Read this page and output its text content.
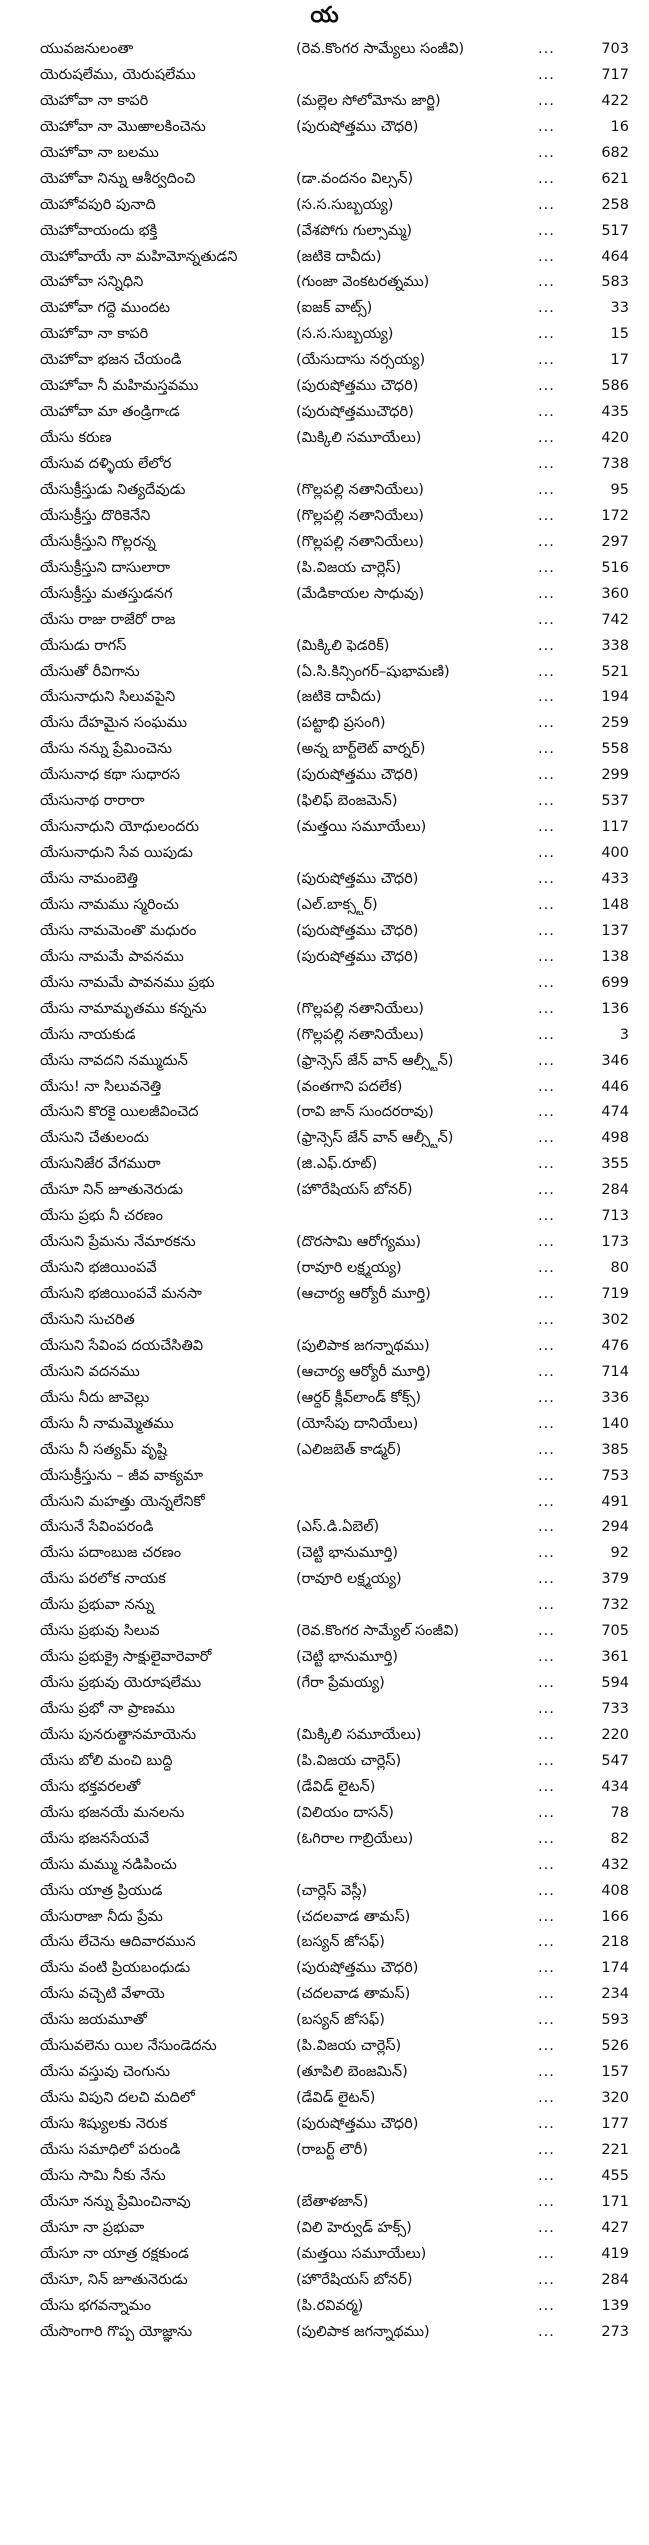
య
యువజనులంతా	(రెవ.కొంగర సామ్యేలు సంజీవి)	...	703
యెరుషలేము, యెరుషలేము	...	717
యెహోవా నా కాపరి	(మల్లెల సోలోమోను జార్జి)	...	422
యెహోవా నా మొఱాలకించెను	(పురుషోత్తము చౌధరి)	...	16
యెహోవా నా బలము	...	682
యెహోవా నిన్ను ఆశీర్వదించి	(డా.వందనం విల్సన్)	...	621
యెహోవపురి పునాది	(స.స.సుబ్బయ్య)	...	258
యెహోవాయందు భక్తి	(వేశపోగు గుల్సామ్మ)	...	517
యెహోవాయే నా మహిమోన్నతుడని	(జటికె దావీదు)	...	464
యెహోవా సన్నిధిని	(గుంజా వెంకటరత్నము)	...	583
యెహోవా గద్దె ముందట	(ఐజక్ వాట్స్)	...	33
యెహోవా నా కాపరి	(స.స.సుబ్బయ్య)	...	15
యెహోవా భజన చేయండి	(యేసుదాసు నర్సయ్య)	...	17
యెహోవా నీ మహిమస్తవము	(పురుషోత్తము చౌధరి)	...	586
యెహోవా మా తండ్రిగాఁడ	(పురుషోత్తముచౌధరి)	...	435
యేసు కరుణ	(మిక్కిలి సమూయేలు)	...	420
యేసువ దళ్ళియ లేలోర	...	738
యేసుక్రీస్తుడు నిత్యదేవుడు	(గొల్లపల్లి నతానియేలు)	...	95
యేసుక్రీస్తు దొరికెనేని	(గొల్లపల్లి నతానియేలు)	...	172
యేసుక్రీస్తుని గొల్లరన్న	(గొల్లపల్లి నతానియేలు)	...	297
యేసుక్రీస్తుని దాసులారా	(పి.విజయ చార్లెస్)	...	516
యేసుక్రీస్తు మతస్తుడనగ	(మేడికాయల సాధువు)	...	360
యేసు రాజు రాజేరో రాజ	...	742
యేసుడు రాగస్	(మిక్కిలి ఫెడరిక్)	...	338
యేసుతో రీవిగాను	(ఏ.సి.కిన్సింగర్–షుభామణి)	...	521
యేసునాధుని సిలువపైని	(జటికె దావీదు)	...	194
యేసు దేహమైన సంఘము	(పట్టాభి ప్రసంగి)	...	259
యేసు నన్ను ప్రేమించెను	(అన్న బార్ట్‌లెట్ వార్నర్)	...	558
యేసునాధ కథా సుధారస	(పురుషోత్తము చౌధరి)	...	299
యేసునాథ రారారా	(ఫిలిఫ్ బెంజమెన్)	...	537
యేసునాధుని యోధులందరు	(మత్తయి సమూయేలు)	...	117
యేసునాధుని సేవ యిపుడు	...	400
యేసు నామంబెత్తి	(పురుషోత్తము చౌధరి)	...	433
యేసు నామము స్మరించు	(ఎల్.బాక్స్టర్)	...	148
యేసు నామమెంతొ మధురం	(పురుషోత్తము చౌధరి)	...	137
యేసు నామమే పావనము	(పురుషోత్తము చౌధరి)	...	138
యేసు నామమే పావనము ప్రభు	...	699
యేసు నామామృతము కన్నను	(గొల్లపల్లి నతానియేలు)	...	136
యేసు నాయకుడ	(గొల్లపల్లి నతానియేలు)	...	3
యేసు నావదని నమ్ముదున్	(ఫ్రాన్సెస్ జేన్ వాన్ ఆల్స్టీన్)	...	346
యేసు! నా సిలువనెత్తి	(వంతగాని పదలేక)	...	446
యేసుని కొరకై యిలజీవించెద	(రావి జాన్ సుందరరావు)	...	474
యేసుని చేతులందు	(ఫ్రాన్సెస్ జేన్ వాన్ ఆల్స్టీన్)	...	498
యేసునిజేర వేగమురా	(జి.ఎఫ్.రూట్)	...	355
యేసూ నిన్ జూతునెరుడు	(హొరేషియస్ బోనర్)	...	284
యేసు ప్రభు నీ చరణం	...	713
యేసుని ప్రేమను నేమారకను	(దొరసామి ఆరోగ్యము)	...	173
యేసుని భజియింపవే	(రావూరి లక్ష్మయ్య)	...	80
యేసుని భజియింపవే మనసా	(ఆచార్య ఆర్యోరీ మూర్తి)	...	719
యేసుని సుచరిత	...	302
యేసుని సేవింప దయచేసితివి	(పులిపాక జగన్నాథము)	...	476
యేసుని వదనము	(ఆచార్య ఆర్యోరీ మూర్తి)	...	714
యేసు నీదు జావెల్లు	(ఆర్ధర్ క్లీవ్‌లాండ్ కోక్స్)	...	336
యేసు నీ నామమ్మెతము	(యోసేపు దానియేలు)	...	140
యేసు నీ సత్యమ్ వృష్టి	(ఎలిజబెత్ కాడ్మర్)	...	385
యేసుక్రీస్తును – జీవ వాక్యమా	...	753
యేసుని మహత్తు యెన్నలేనికో	...	491
యేసునే సేవింపరండి	(ఎస్.డి.ఏబెల్)	...	294
యేసు పదాంబుజ చరణం	(చెట్టి భానుమూర్తి)	...	92
యేసు పరలోక నాయక	(రావూరి లక్ష్మయ్య)	...	379
యేసు ప్రభువా నన్ను	...	732
యేసు ప్రభువు సిలువ	(రెవ.కొంగర సామ్యేల్ సంజీవి)	...	705
యేసు ప్రభుక్రై సాక్షులైవారెవారో	(చెట్టి భానుమూర్తి)	...	361
యేసు ప్రభువు యెరూషలేము	(గేరా ప్రేమయ్య)	...	594
యేసు ప్రభో నా ప్రాణము	...	733
యేసు పునరుత్థానమాయెను	(మిక్కిలి సమూయేలు)	...	220
యేసు బోలి మంచి బుద్ధి	(పి.విజయ చార్లెస్)	...	547
యేసు భక్తవరలతో	(డేవిడ్ లైటన్)	...	434
యేసు భజనయే మనలను	(విలియం దాసన్)	...	78
యేసు భజనసేయవే	(ఓగిరాల గాబ్రియేలు)	...	82
యేసు మమ్ము నడిపించు	...	432
యేసు యాత్ర ప్రియుడ	(చార్లెస్ వెస్లీ)	...	408
యేసురాజా నీదు ప్రేమ	(చదలవాడ తామస్)	...	166
యేసు లేచెను ఆదివారమున	(బస్యన్ జోసఫ్)	...	218
యేసు వంటి ప్రియబంధుడు	(పురుషోత్తము చౌధరి)	...	174
యేసు వచ్చెటి వేళాయె	(చదలవాడ తామస్)	...	234
యేసు జయమూతో	(బస్యన్ జోసఫ్)	...	593
యేసువలెను యిల నేసుండెదను	(పి.విజయ చార్లెస్)	...	526
యేసు వస్తువు చెంగును	(తూపిలి బెంజమిన్)	...	157
యేసు విపుని దలచి మదిలో	(డేవిడ్ లైటన్)	...	320
యేసు శిష్యులకు నెరుక	(పురుషోత్తము చౌధరి)	...	177
యేసు సమాధిలో పరుండి	(రాబర్ట్ లౌరీ)	...	221
యేసు సామి నీకు నేను	...	455
యేసూ నన్ను ప్రేమించినావు	(బేతాళజాన్)	...	171
యేసూ నా ప్రభువా	(విలి హెర్వుడ్ హక్స్)	...	427
యేసూ నా యాత్ర రక్షకుండ	(మత్తయి సమూయేలు)	...	419
యేసూ, నిన్ జూతునెరుడు	(హొరేషియస్ బోనర్)	...	284
యేసు భగవన్నామం	(పి.రవివర్మ)	...	139
యేసొంగారి గొప్ప యోజ్ఞాను	(పులిపాక జగన్నాథము)	...	273
